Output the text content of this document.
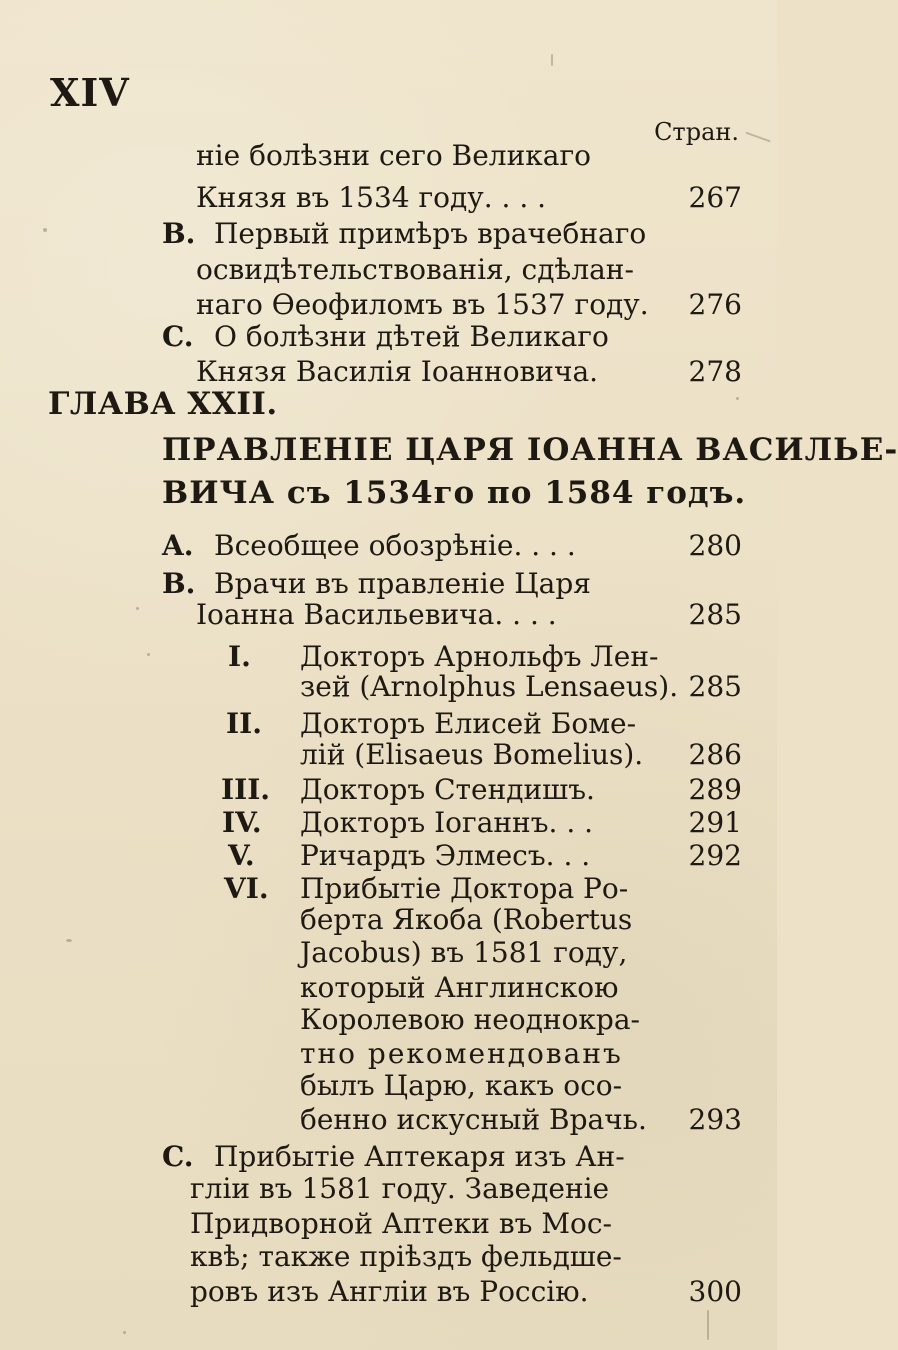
XIV
Стран.
ніе болѣзни сего Великаго
Князя въ 1534 году. . . .	267
B. Первый примѣръ врачебнаго
освидѣтельствованія, сдѣлан-
наго Ѳеофиломъ въ 1537 году. 276
C. О болѣзни дѣтей Великаго
Князя Василія Іоанновича.	278
ГЛАВА XXII.
ПРАВЛЕНІЕ ЦАРЯ ІОАННА ВАСИЛЬЕ-
ВИЧА съ 1534го по 1584 годъ.
A. Всеобщее обозрѣніе. . . .	280
B. Врачи въ правленіе Царя
Іоанна Васильевича. . . .	285
I. Докторъ Арнольфъ Лен-
зей (Arnolphus Lensaeus). 285
II. Докторъ Елисей Боме-
лій (Elisaeus Bomelius). 286
III. Докторъ Стендишъ.	289
IV. Докторъ Іоганнъ. . .	291
V. Ричардъ Элмесъ. . .	292
VI. Прибытіе Доктора Ро-
берта Якоба (Robertus
Jacobus) въ 1581 году,
который Англинскою
Королевою неоднокра-
тно рекомендованъ
былъ Царю, какъ осо-
бенно искусный Врачь. 293
C. Прибытіе Аптекаря изъ Ан-
гліи въ 1581 году. Заведеніе
Придворной Аптеки въ Мос-
квѣ; также пріѣздъ фельдше-
ровъ изъ Англіи въ Россію.	300
